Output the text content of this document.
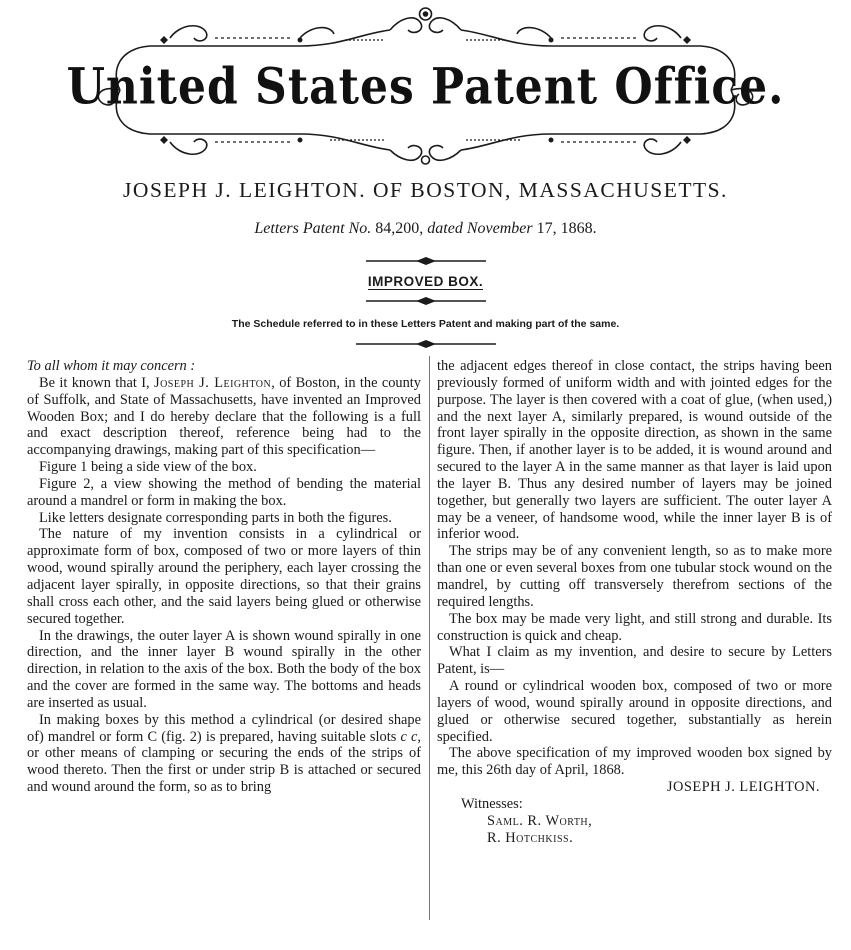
United States Patent Office.
JOSEPH J. LEIGHTON. OF BOSTON, MASSACHUSETTS.
Letters Patent No. 84,200, dated November 17, 1868.
IMPROVED BOX.
The Schedule referred to in these Letters Patent and making part of the same.

To all whom it may concern :

Be it known that I, Joseph J. Leighton, of Boston, in the county of Suffolk, and State of Massachusetts, have invented an Improved Wooden Box; and I do hereby declare that the following is a full and exact description thereof, reference being had to the accompanying drawings, making part of this specification—

Figure 1 being a side view of the box.

Figure 2, a view showing the method of bending the material around a mandrel or form in making the box.

Like letters designate corresponding parts in both the figures.

The nature of my invention consists in a cylindrical or approximate form of box, composed of two or more layers of thin wood, wound spirally around the periphery, each layer crossing the adjacent layer spirally, in opposite directions, so that their grains shall cross each other, and the said layers being glued or otherwise secured together.

In the drawings, the outer layer A is shown wound spirally in one direction, and the inner layer B wound spirally in the other direction, in relation to the axis of the box. Both the body of the box and the cover are formed in the same way. The bottoms and heads are inserted as usual.

In making boxes by this method a cylindrical (or desired shape of) mandrel or form C (fig. 2) is prepared, having suitable slots c c, or other means of clamping or securing the ends of the strips of wood thereto. Then the first or under strip B is attached or secured and wound around the form, so as to bring

the adjacent edges thereof in close contact, the strips having been previously formed of uniform width and with jointed edges for the purpose. The layer is then covered with a coat of glue, (when used,) and the next layer A, similarly prepared, is wound outside of the front layer spirally in the opposite direction, as shown in the same figure. Then, if another layer is to be added, it is wound around and secured to the layer A in the same manner as that layer is laid upon the layer B. Thus any desired number of layers may be joined together, but generally two layers are sufficient. The outer layer A may be a veneer, of handsome wood, while the inner layer B is of inferior wood.

The strips may be of any convenient length, so as to make more than one or even several boxes from one tubular stock wound on the mandrel, by cutting off transversely therefrom sections of the required lengths.

The box may be made very light, and still strong and durable. Its construction is quick and cheap.

What I claim as my invention, and desire to secure by Letters Patent, is—

A round or cylindrical wooden box, composed of two or more layers of wood, wound spirally around in opposite directions, and glued or otherwise secured together, substantially as herein specified.

The above specification of my improved wooden box signed by me, this 26th day of April, 1868.

JOSEPH J. LEIGHTON.

Witnesses:

Saml. R. Worth,

R. Hotchkiss.
